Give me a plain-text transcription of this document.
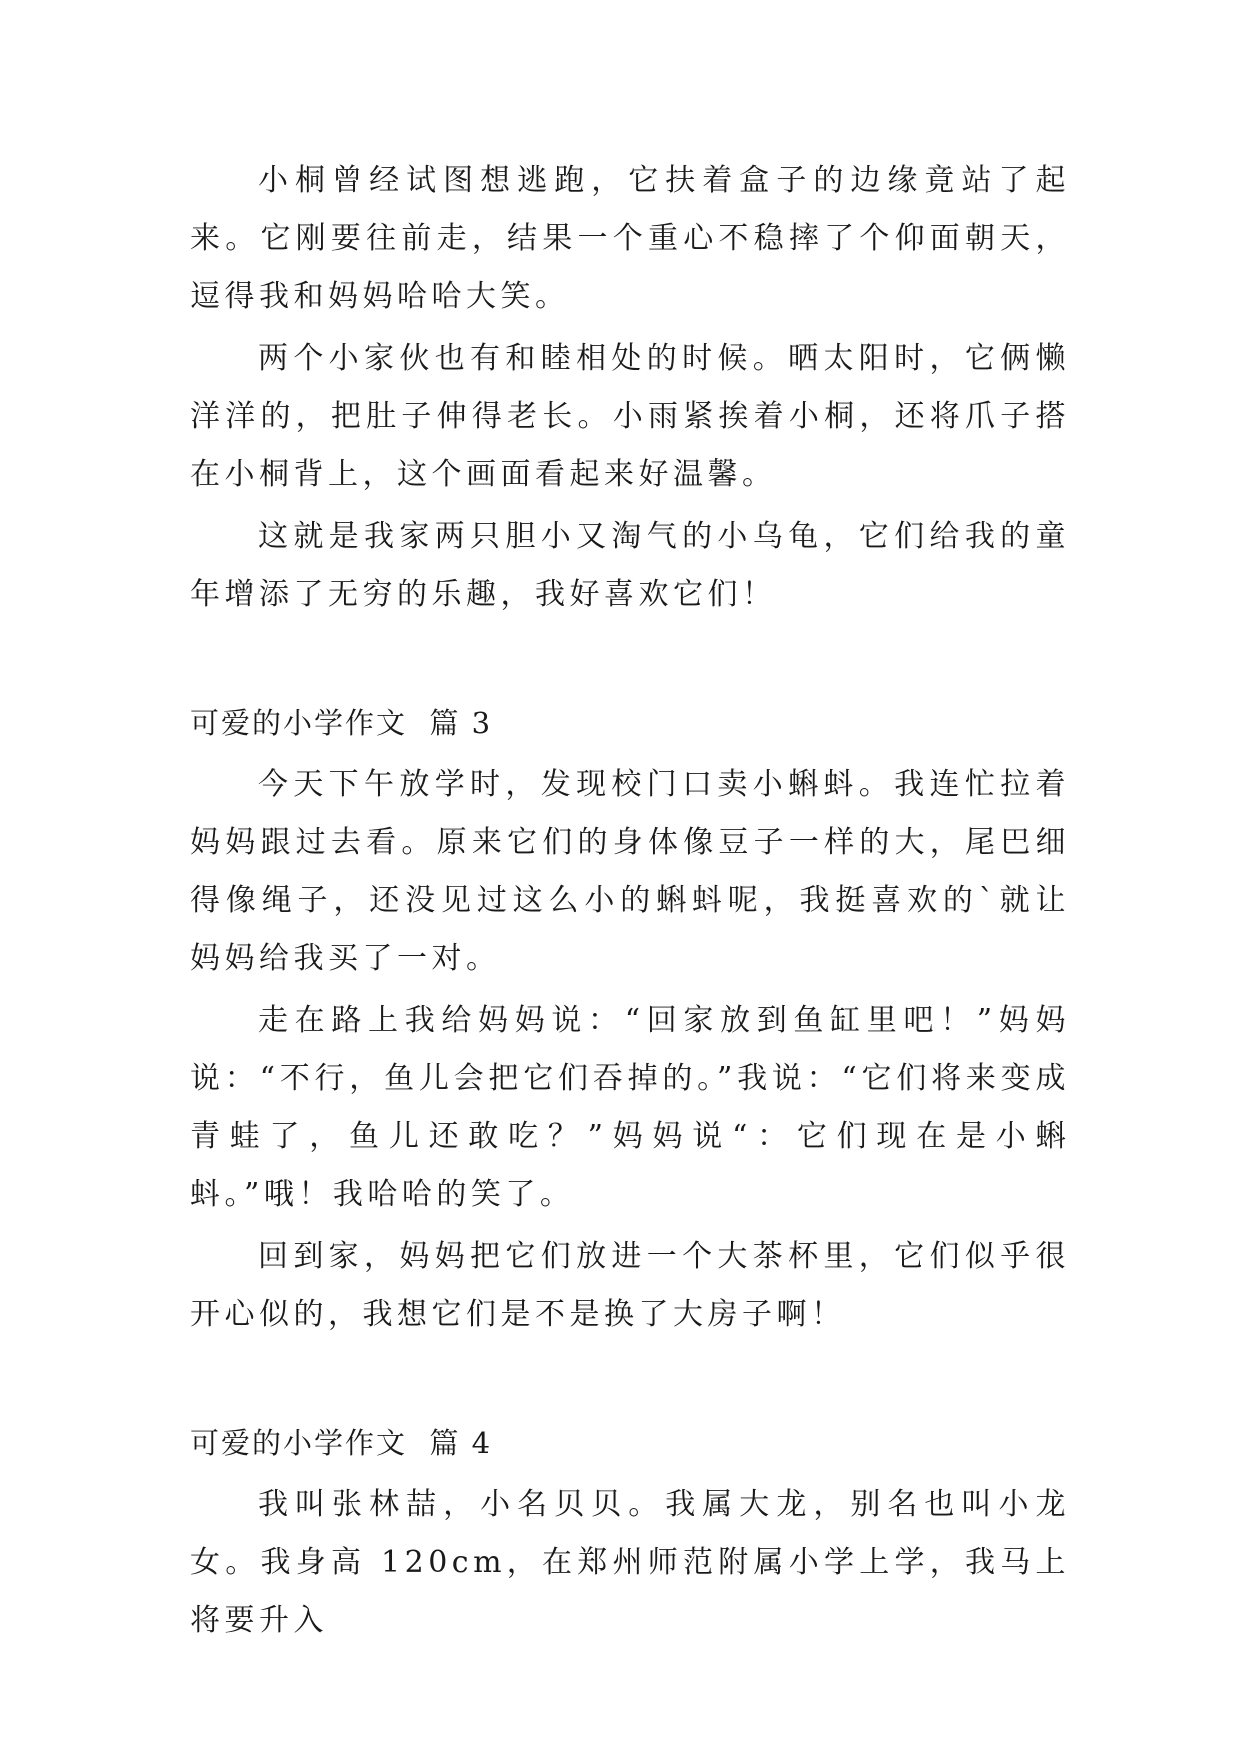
小桐曾经试图想逃跑，它扶着盒子的边缘竟站了起来。它刚要往前走，结果一个重心不稳摔了个仰面朝天，逗得我和妈妈哈哈大笑。

两个小家伙也有和睦相处的时候。晒太阳时，它俩懒洋洋的，把肚子伸得老长。小雨紧挨着小桐，还将爪子搭在小桐背上，这个画面看起来好温馨。

这就是我家两只胆小又淘气的小乌龟，它们给我的童年增添了无穷的乐趣，我好喜欢它们！

可爱的小学作文  篇 3

今天下午放学时，发现校门口卖小蝌蚪。我连忙拉着妈妈跟过去看。原来它们的身体像豆子一样的大，尾巴细得像绳子，还没见过这么小的蝌蚪呢，我挺喜欢的`就让妈妈给我买了一对。

走在路上我给妈妈说：“回家放到鱼缸里吧！”妈妈说：“不行，鱼儿会把它们吞掉的。”我说：“它们将来变成青蛙了，鱼儿还敢吃？”妈妈说“：它们现在是小蝌蚪。”哦！我哈哈的笑了。

回到家，妈妈把它们放进一个大茶杯里，它们似乎很开心似的，我想它们是不是换了大房子啊！

可爱的小学作文  篇 4

我叫张林喆，小名贝贝。我属大龙，别名也叫小龙女。我身高 120cm，在郑州师范附属小学上学，我马上将要升入
